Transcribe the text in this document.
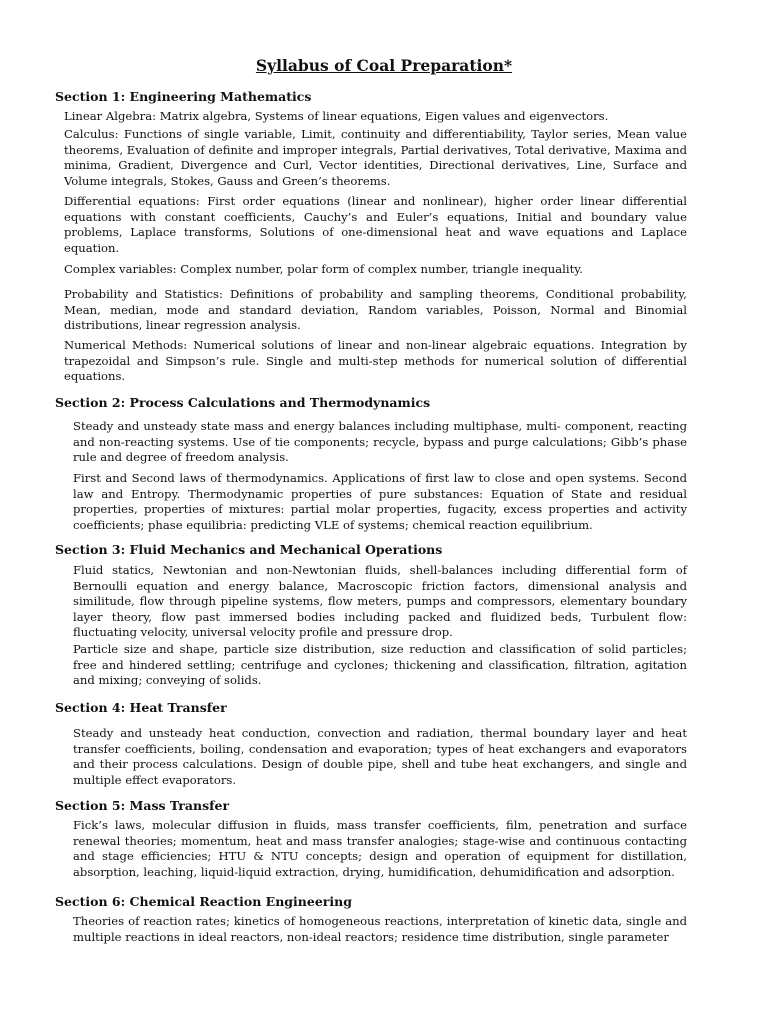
Syllabus of Coal Preparation*
Section 1: Engineering Mathematics

Linear Algebra: Matrix algebra, Systems of linear equations, Eigen values and eigenvectors.

Calculus: Functions of single variable, Limit, continuity and differentiability, Taylor series, Mean value theorems, Evaluation of definite and improper integrals, Partial derivatives, Total derivative, Maxima and minima, Gradient, Divergence and Curl, Vector identities, Directional derivatives, Line, Surface and Volume integrals, Stokes, Gauss and Green’s theorems.

Differential equations: First order equations (linear and nonlinear), higher order linear differential equations with constant coefficients, Cauchy’s and Euler’s equations, Initial and boundary value problems, Laplace transforms, Solutions of one-dimensional heat and wave equations and Laplace equation.

Complex variables: Complex number, polar form of complex number, triangle inequality.

Probability and Statistics: Definitions of probability and sampling theorems, Conditional probability, Mean, median, mode and standard deviation, Random variables, Poisson, Normal and Binomial distributions, linear regression analysis.

Numerical Methods: Numerical solutions of linear and non-linear algebraic equations. Integration by trapezoidal and Simpson’s rule. Single and multi-step methods for numerical solution of differential equations.

Section 2: Process Calculations and Thermodynamics

Steady and unsteady state mass and energy balances including multiphase, multi- component, reacting and non-reacting systems. Use of tie components; recycle, bypass and purge calculations; Gibb’s phase rule and degree of freedom analysis.

First and Second laws of thermodynamics. Applications of first law to close and open systems. Second law and Entropy. Thermodynamic properties of pure substances: Equation of State and residual properties, properties of mixtures: partial molar properties, fugacity, excess properties and activity coefficients; phase equilibria: predicting VLE of systems; chemical reaction equilibrium.

Section 3: Fluid Mechanics and Mechanical Operations

Fluid statics, Newtonian and non-Newtonian fluids, shell-balances including differential form of Bernoulli equation and energy balance, Macroscopic friction factors, dimensional analysis and similitude, flow through pipeline systems, flow meters, pumps and compressors, elementary boundary layer theory, flow past immersed bodies including packed and fluidized beds, Turbulent flow: fluctuating velocity, universal velocity profile and pressure drop.

Particle size and shape, particle size distribution, size reduction and classification of solid particles; free and hindered settling; centrifuge and cyclones; thickening and classification, filtration, agitation and mixing; conveying of solids.

Section 4: Heat Transfer

Steady and unsteady heat conduction, convection and radiation, thermal boundary layer and heat transfer coefficients, boiling, condensation and evaporation; types of heat exchangers and evaporators and their process calculations. Design of double pipe, shell and tube heat exchangers, and single and multiple effect evaporators.

Section 5: Mass Transfer

Fick’s laws, molecular diffusion in fluids, mass transfer coefficients, film, penetration and surface renewal theories; momentum, heat and mass transfer analogies; stage-wise and continuous contacting and stage efficiencies; HTU & NTU concepts; design and operation of equipment for distillation, absorption, leaching, liquid-liquid extraction, drying, humidification, dehumidification and adsorption.

Section 6: Chemical Reaction Engineering

Theories of reaction rates; kinetics of homogeneous reactions, interpretation of kinetic data, single and multiple reactions in ideal reactors, non-ideal reactors; residence time distribution, single parameter
